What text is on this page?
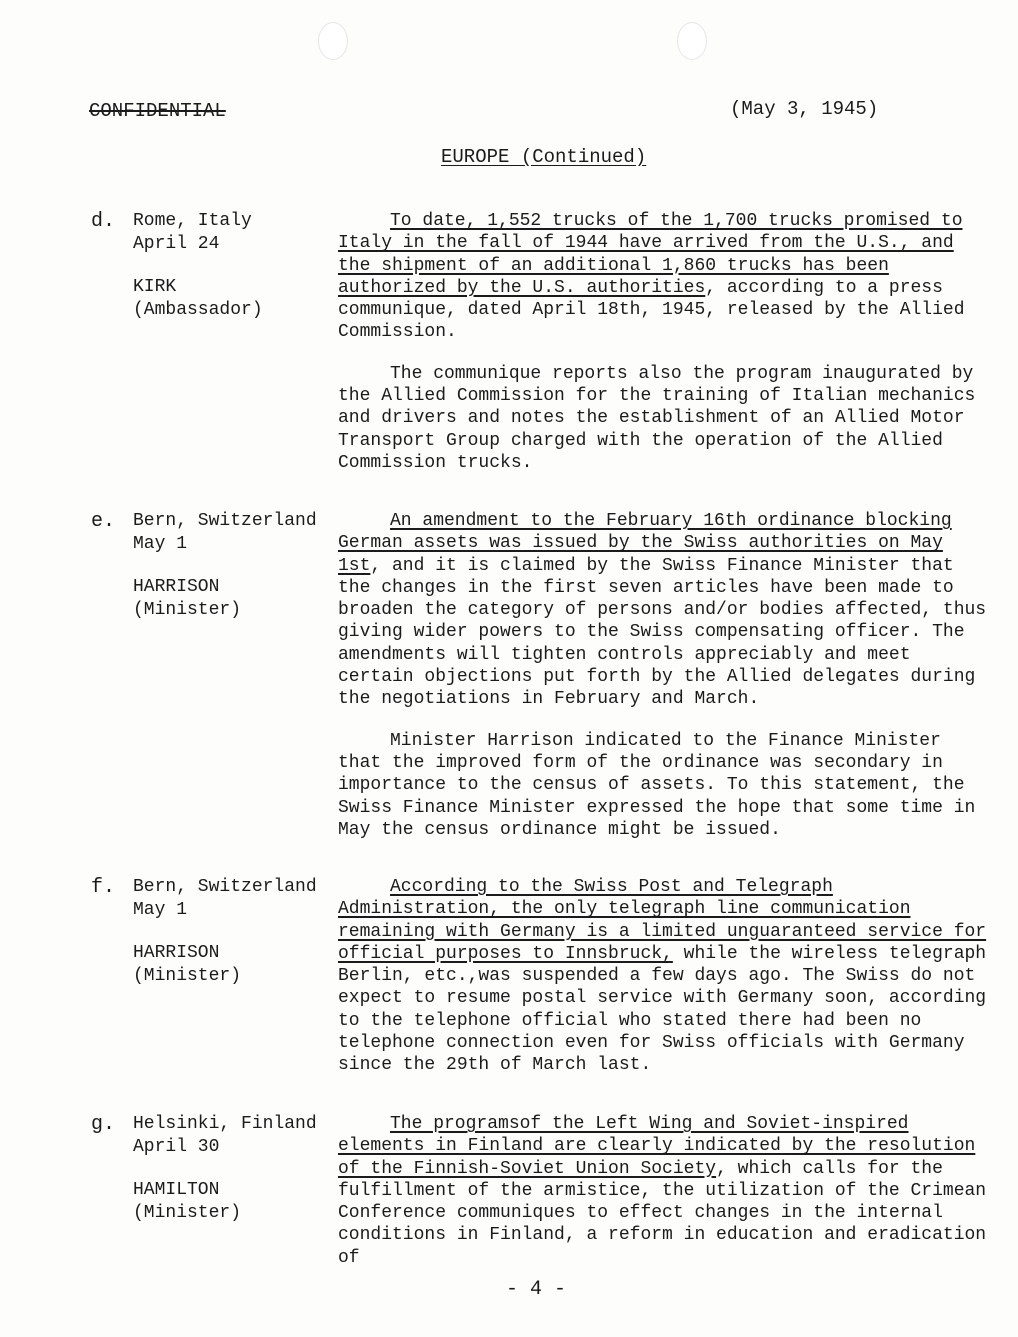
CONFIDENTIAL	(May 3, 1945)
EUROPE (Continued)
d. Rome, Italy
April 24
KIRK
(Ambassador)

To date, 1,552 trucks of the 1,700 trucks promised to Italy in the fall of 1944 have arrived from the U.S., and the shipment of an additional 1,860 trucks has been authorized by the U.S. authorities, according to a press communique, dated April 18th, 1945, released by the Allied Commission.

The communique reports also the program inaugurated by the Allied Commission for the training of Italian mechanics and drivers and notes the establishment of an Allied Motor Transport Group charged with the operation of the Allied Commission trucks.

e. Bern, Switzerland
May 1
HARRISON
(Minister)

An amendment to the February 16th ordinance blocking German assets was issued by the Swiss authorities on May 1st, and it is claimed by the Swiss Finance Minister that the changes in the first seven articles have been made to broaden the category of persons and/or bodies affected, thus giving wider powers to the Swiss compensating officer. The amendments will tighten controls appreciably and meet certain objections put forth by the Allied delegates during the negotiations in February and March.

Minister Harrison indicated to the Finance Minister that the improved form of the ordinance was secondary in importance to the census of assets. To this statement, the Swiss Finance Minister expressed the hope that some time in May the census ordinance might be issued.

f. Bern, Switzerland
May 1
HARRISON
(Minister)

According to the Swiss Post and Telegraph Administration, the only telegraph line communication remaining with Germany is a limited unguaranteed service for official purposes to Innsbruck, while the wireless telegraph Berlin, etc.,was suspended a few days ago. The Swiss do not expect to resume postal service with Germany soon, according to the telephone official who stated there had been no telephone connection even for Swiss officials with Germany since the 29th of March last.

g. Helsinki, Finland
April 30
HAMILTON
(Minister)

The programsof the Left Wing and Soviet-inspired elements in Finland are clearly indicated by the resolution of the Finnish-Soviet Union Society, which calls for the fulfillment of the armistice, the utilization of the Crimean Conference communiques to effect changes in the internal conditions in Finland, a reform in education and eradication of

- 4 -
